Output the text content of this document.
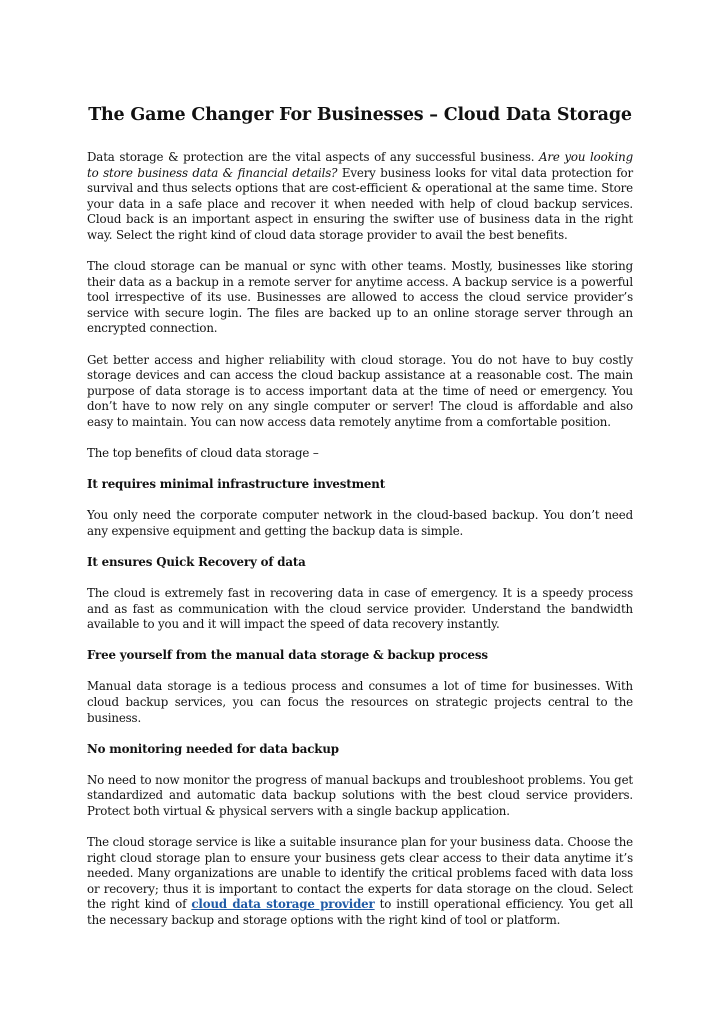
The Game Changer For Businesses – Cloud Data Storage

Data storage & protection are the vital aspects of any successful business. Are you looking to store business data & financial details? Every business looks for vital data protection for survival and thus selects options that are cost-efficient & operational at the same time. Store your data in a safe place and recover it when needed with help of cloud backup services. Cloud back is an important aspect in ensuring the swifter use of business data in the right way. Select the right kind of cloud data storage provider to avail the best benefits.

The cloud storage can be manual or sync with other teams. Mostly, businesses like storing their data as a backup in a remote server for anytime access. A backup service is a powerful tool irrespective of its use. Businesses are allowed to access the cloud service provider’s service with secure login. The files are backed up to an online storage server through an encrypted connection.

Get better access and higher reliability with cloud storage. You do not have to buy costly storage devices and can access the cloud backup assistance at a reasonable cost. The main purpose of data storage is to access important data at the time of need or emergency. You don’t have to now rely on any single computer or server! The cloud is affordable and also easy to maintain. You can now access data remotely anytime from a comfortable position.

The top benefits of cloud data storage –

It requires minimal infrastructure investment

You only need the corporate computer network in the cloud-based backup. You don’t need any expensive equipment and getting the backup data is simple.

It ensures Quick Recovery of data

The cloud is extremely fast in recovering data in case of emergency. It is a speedy process and as fast as communication with the cloud service provider. Understand the bandwidth available to you and it will impact the speed of data recovery instantly.

Free yourself from the manual data storage & backup process

Manual data storage is a tedious process and consumes a lot of time for businesses. With cloud backup services, you can focus the resources on strategic projects central to the business.

No monitoring needed for data backup

No need to now monitor the progress of manual backups and troubleshoot problems. You get standardized and automatic data backup solutions with the best cloud service providers. Protect both virtual & physical servers with a single backup application.

The cloud storage service is like a suitable insurance plan for your business data. Choose the right cloud storage plan to ensure your business gets clear access to their data anytime it’s needed. Many organizations are unable to identify the critical problems faced with data loss or recovery; thus it is important to contact the experts for data storage on the cloud. Select the right kind of cloud data storage provider to instill operational efficiency. You get all the necessary backup and storage options with the right kind of tool or platform.
